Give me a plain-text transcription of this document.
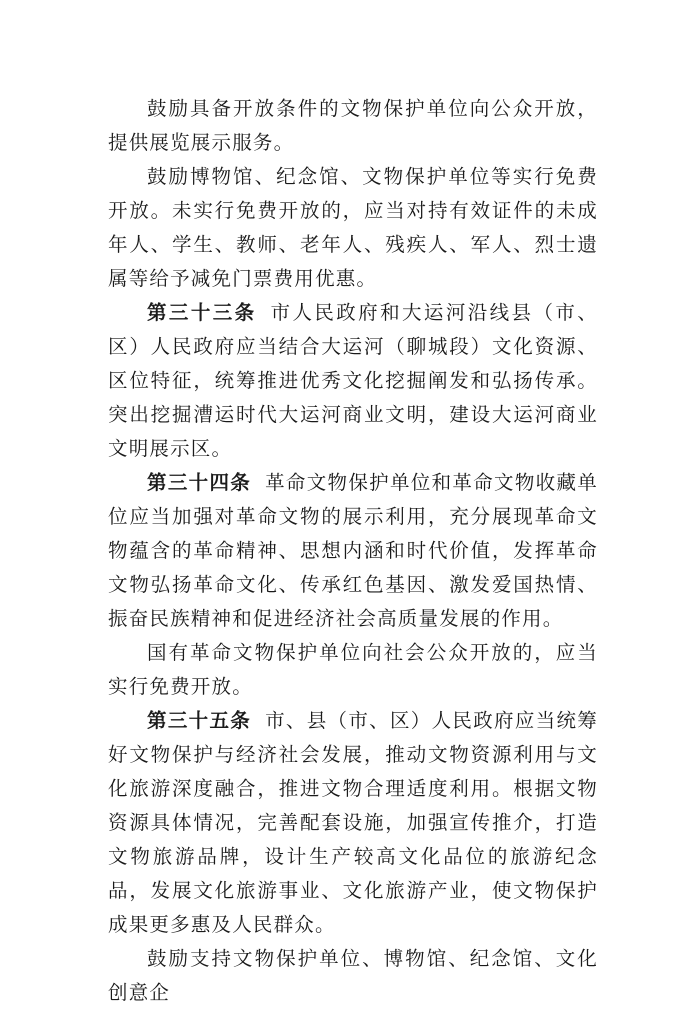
鼓励具备开放条件的文物保护单位向公众开放，提供展览展示服务。

鼓励博物馆、纪念馆、文物保护单位等实行免费开放。未实行免费开放的，应当对持有效证件的未成年人、学生、教师、老年人、残疾人、军人、烈士遗属等给予减免门票费用优惠。

第三十三条 市人民政府和大运河沿线县（市、区）人民政府应当结合大运河（聊城段）文化资源、区位特征，统筹推进优秀文化挖掘阐发和弘扬传承。突出挖掘漕运时代大运河商业文明，建设大运河商业文明展示区。

第三十四条 革命文物保护单位和革命文物收藏单位应当加强对革命文物的展示利用，充分展现革命文物蕴含的革命精神、思想内涵和时代价值，发挥革命文物弘扬革命文化、传承红色基因、激发爱国热情、振奋民族精神和促进经济社会高质量发展的作用。

国有革命文物保护单位向社会公众开放的，应当实行免费开放。

第三十五条 市、县（市、区）人民政府应当统筹好文物保护与经济社会发展，推动文物资源利用与文化旅游深度融合，推进文物合理适度利用。根据文物资源具体情况，完善配套设施，加强宣传推介，打造文物旅游品牌，设计生产较高文化品位的旅游纪念品，发展文化旅游事业、文化旅游产业，使文物保护成果更多惠及人民群众。

鼓励支持文物保护单位、博物馆、纪念馆、文化创意企
